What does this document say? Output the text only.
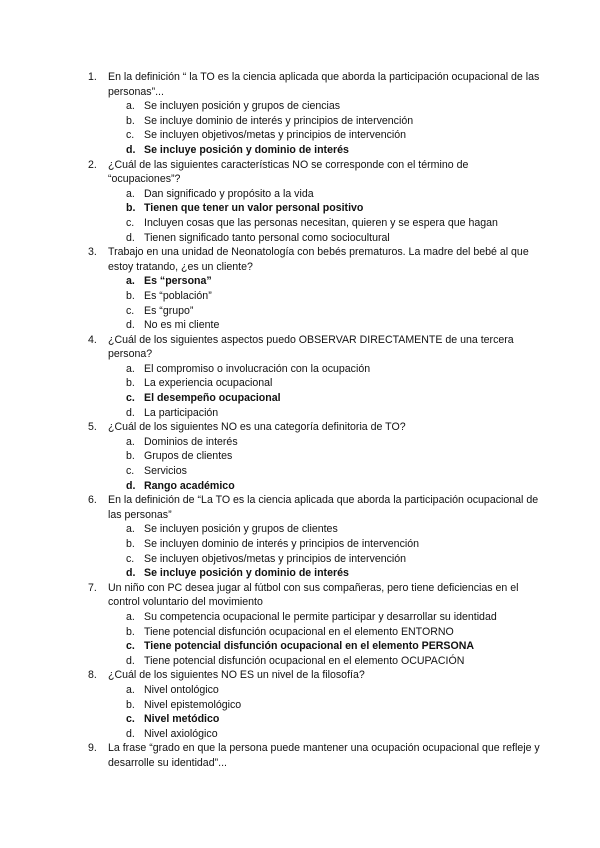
1. En la definición “ la TO es la ciencia aplicada que aborda la participación ocupacional de las personas”...
a. Se incluyen posición y grupos de ciencias
b. Se incluye dominio de interés y principios de intervención
c. Se incluyen objetivos/metas y principios de intervención
d. Se incluye posición y dominio de interés
2. ¿Cuál de las siguientes características NO se corresponde con el término de “ocupaciones”?
a. Dan significado y propósito a la vida
b. Tienen que tener un valor personal positivo
c. Incluyen cosas que las personas necesitan, quieren y se espera que hagan
d. Tienen significado tanto personal como sociocultural
3. Trabajo en una unidad de Neonatología con bebés prematuros. La madre del bebé al que estoy tratando, ¿es un cliente?
a. Es “persona”
b. Es “población”
c. Es “grupo”
d. No es mi cliente
4. ¿Cuál de los siguientes aspectos puedo OBSERVAR DIRECTAMENTE de una tercera persona?
a. El compromiso o involucración con la ocupación
b. La experiencia ocupacional
c. El desempeño ocupacional
d. La participación
5. ¿Cuál de los siguientes NO es una categoría definitoria de TO?
a. Dominios de interés
b. Grupos de clientes
c. Servicios
d. Rango académico
6. En la definición de “La TO es la ciencia aplicada que aborda la participación ocupacional de las personas”
a. Se incluyen posición y grupos de clientes
b. Se incluyen dominio de interés y principios de intervención
c. Se incluyen objetivos/metas y principios de intervención
d. Se incluye posición y dominio de interés
7. Un niño con PC desea jugar al fútbol con sus compañeras, pero tiene deficiencias en el control voluntario del movimiento
a. Su competencia ocupacional le permite participar y desarrollar su identidad
b. Tiene potencial disfunción ocupacional en el elemento ENTORNO
c. Tiene potencial disfunción ocupacional en el elemento PERSONA
d. Tiene potencial disfunción ocupacional en el elemento OCUPACIÓN
8. ¿Cuál de los siguientes NO ES un nivel de la filosofía?
a. Nivel ontológico
b. Nivel epistemológico
c. Nivel metódico
d. Nivel axiológico
9. La frase “grado en que la persona puede mantener una ocupación ocupacional que refleje y desarrolle su identidad”...
